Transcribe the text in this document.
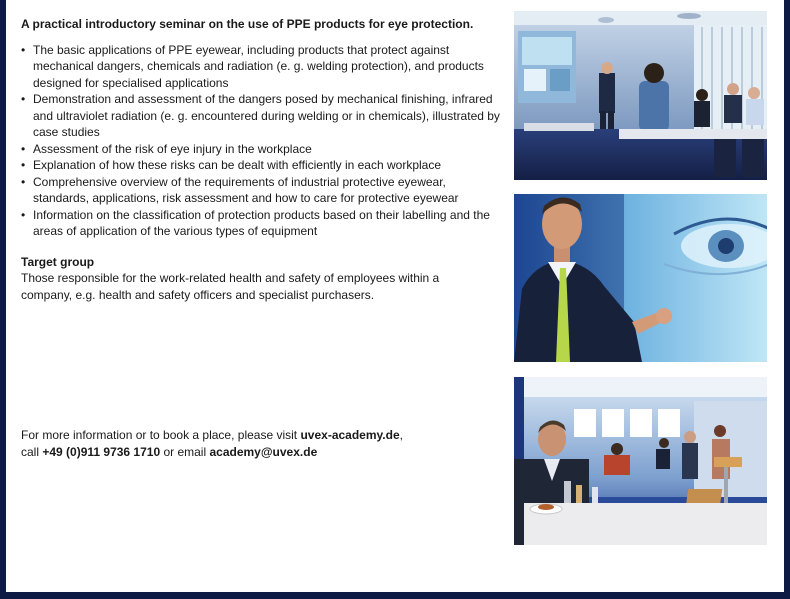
A practical introductory seminar on the use of PPE products for eye protection.

• The basic applications of PPE eyewear, including products that protect against mechanical dangers, chemicals and radiation (e. g. welding protection), and products designed for specialised applications
• Demonstration and assessment of the dangers posed by mechanical finishing, infrared and ultraviolet radiation (e. g. encountered during welding or in chemicals), illustrated by case studies
• Assessment of the risk of eye injury in the workplace
• Explanation of how these risks can be dealt with efficiently in each workplace
• Comprehensive overview of the requirements of industrial protective eyewear, standards, applications, risk assessment and how to care for protective eyewear
• Information on the classification of protection products based on their labelling and the areas of application of the various types of equipment

Target group

Those responsible for the work-related health and safety of employees within a company, e.g. health and safety officers and specialist purchasers.

For more information or to book a place, please visit uvex-academy.de,
call +49 (0)911 9736 1710 or email academy@uvex.de
